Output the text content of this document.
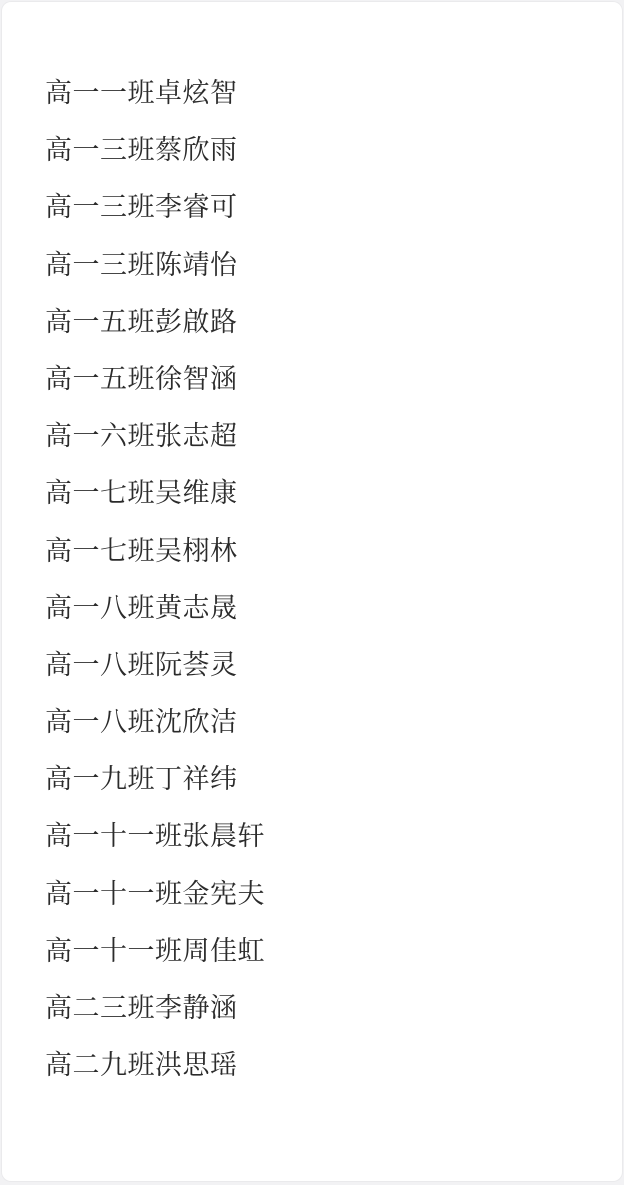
高一一班卓炫智
高一三班蔡欣雨
高一三班李睿可
高一三班陈靖怡
高一五班彭啟路
高一五班徐智涵
高一六班张志超
高一七班吴维康
高一七班吴栩林
高一八班黄志晟
高一八班阮荟灵
高一八班沈欣洁
高一九班丁祥纬
高一十一班张晨轩
高一十一班金宪夫
高一十一班周佳虹
高二三班李静涵
高二九班洪思瑶
